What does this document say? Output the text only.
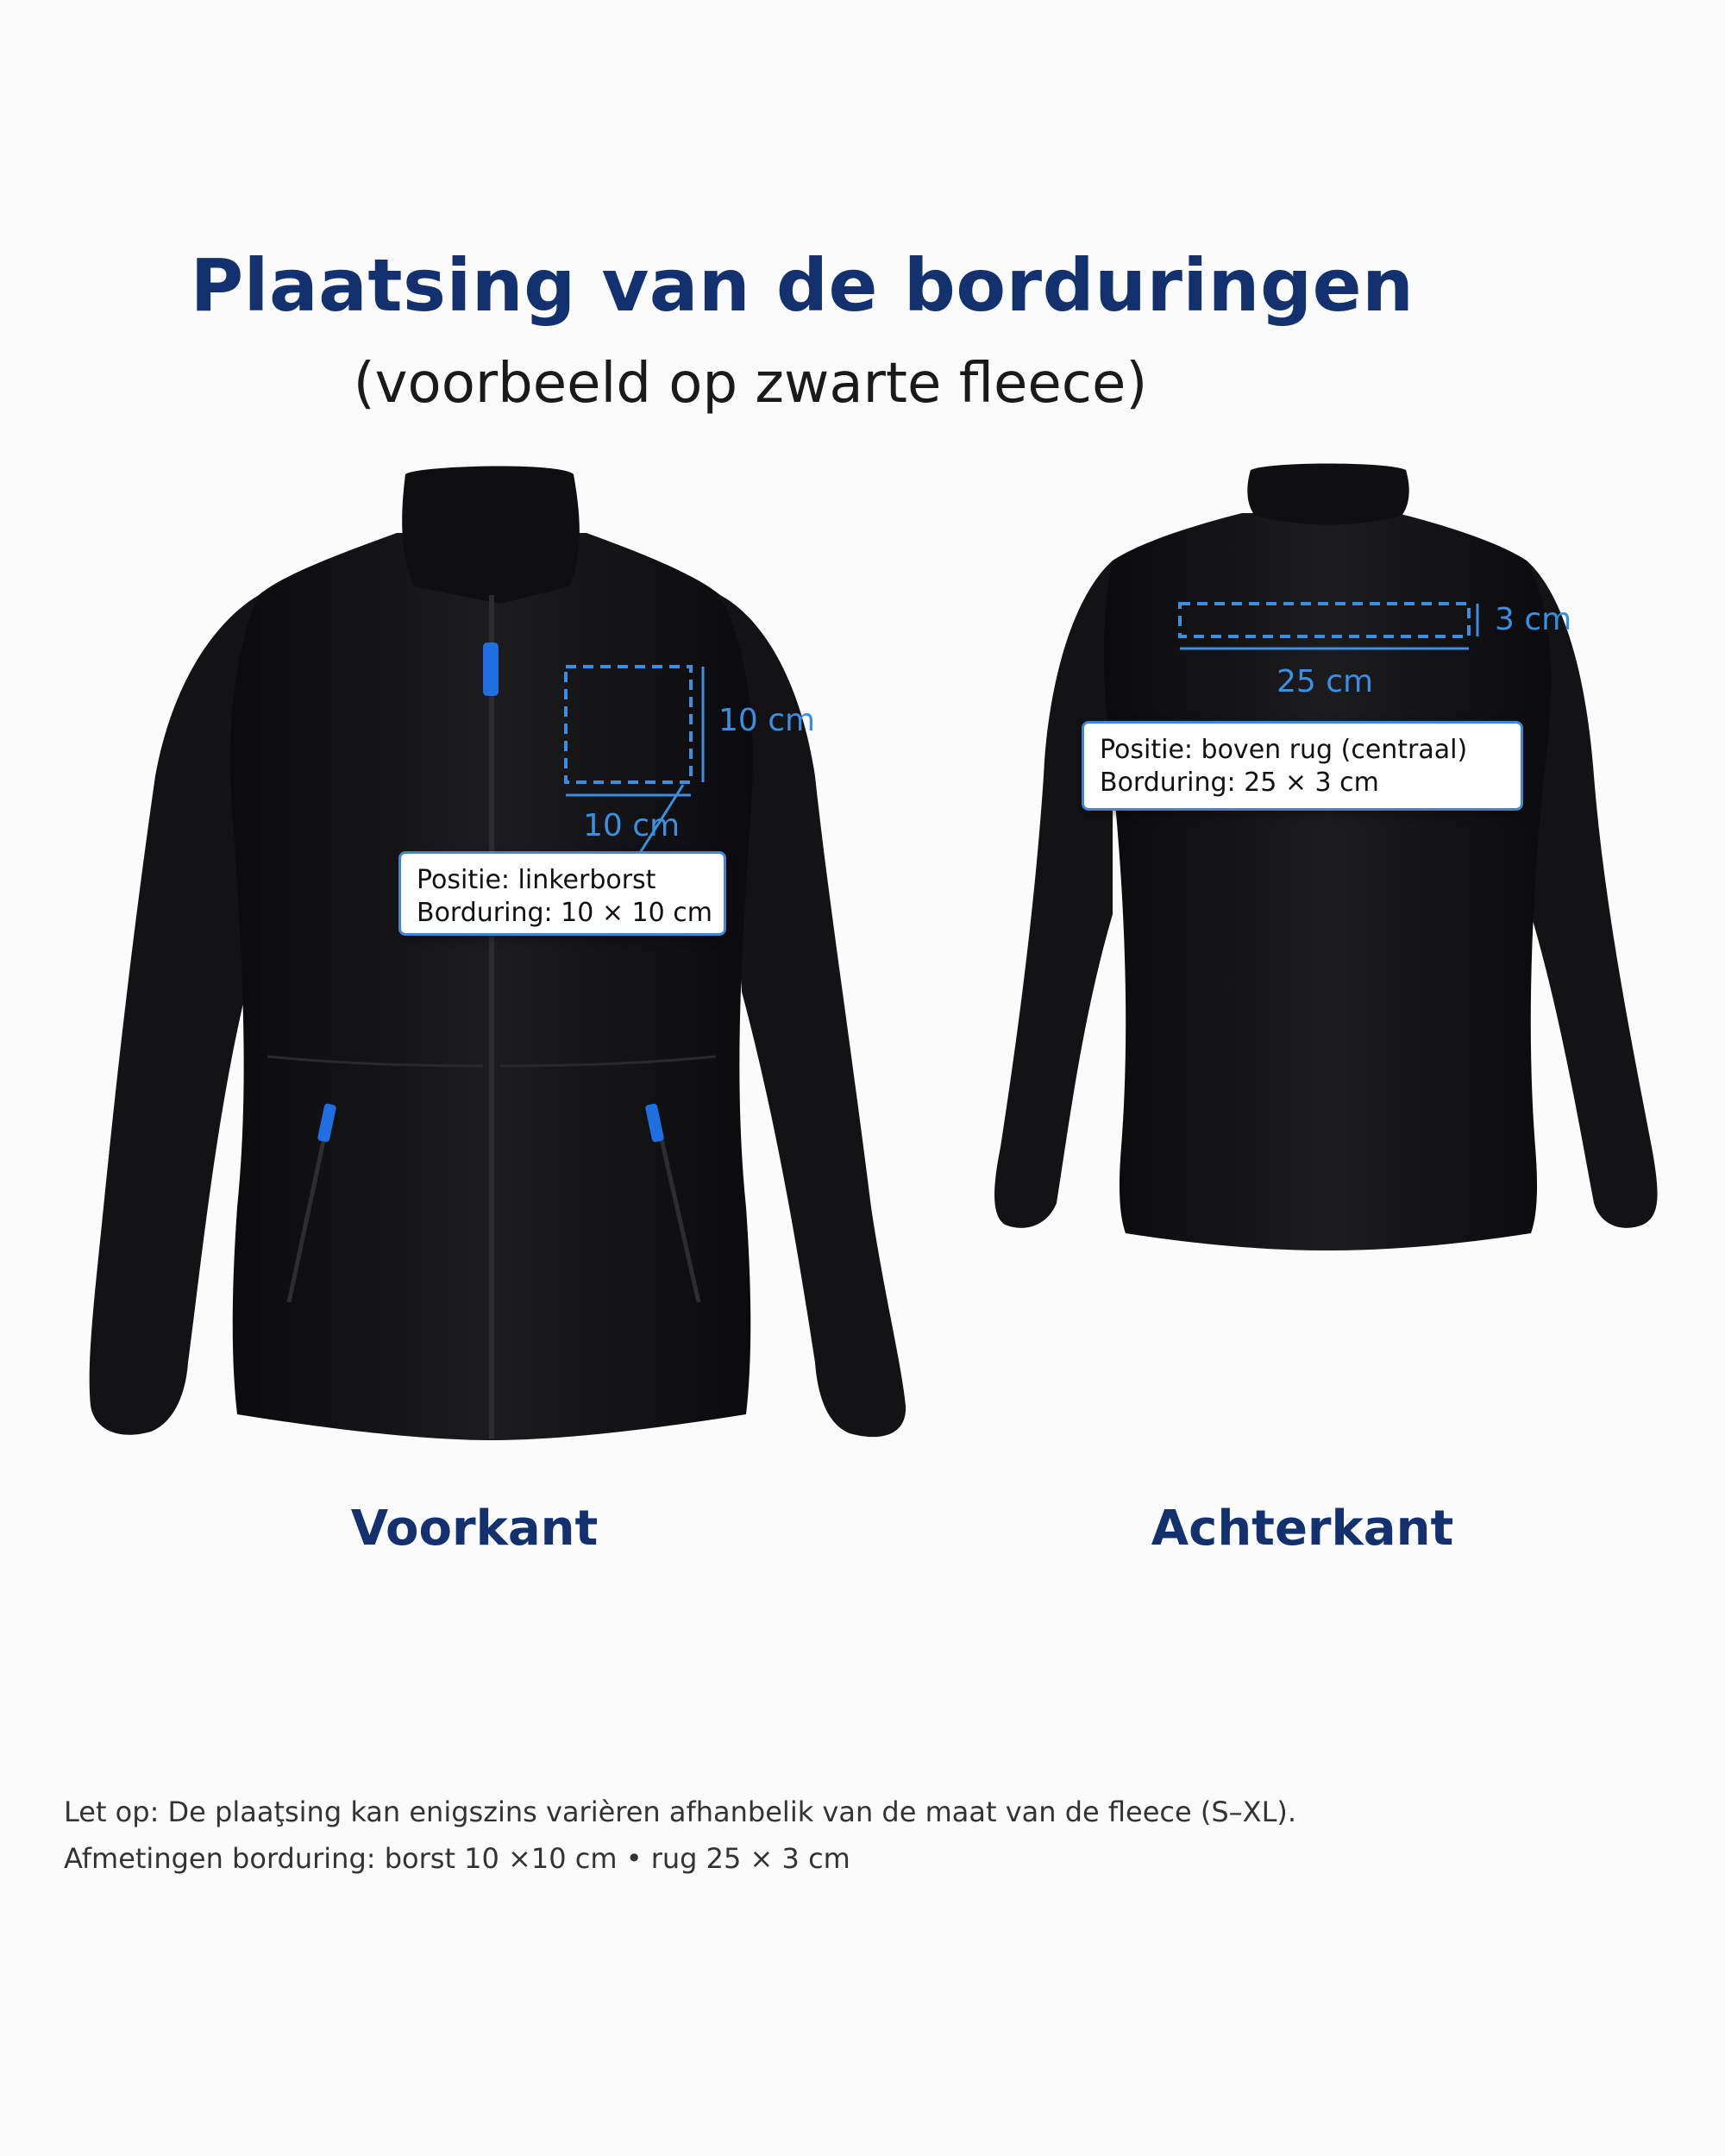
Plaatsing van de borduringen

(voorbeeld op zwarte fleece)

10 cm
10 cm
Positie: linkerborst
Borduring: 10 × 10 cm
3 cm
25 cm
Positie: boven rug (centraal)
Borduring: 25 × 3 cm

Voorkant	Achterkant

Let op: De plaaţsing kan enigszins varièren afhanbelik van de maat van de fleece (S–XL).
Afmetingen borduring: borst 10 ×10 cm • rug 25 × 3 cm
